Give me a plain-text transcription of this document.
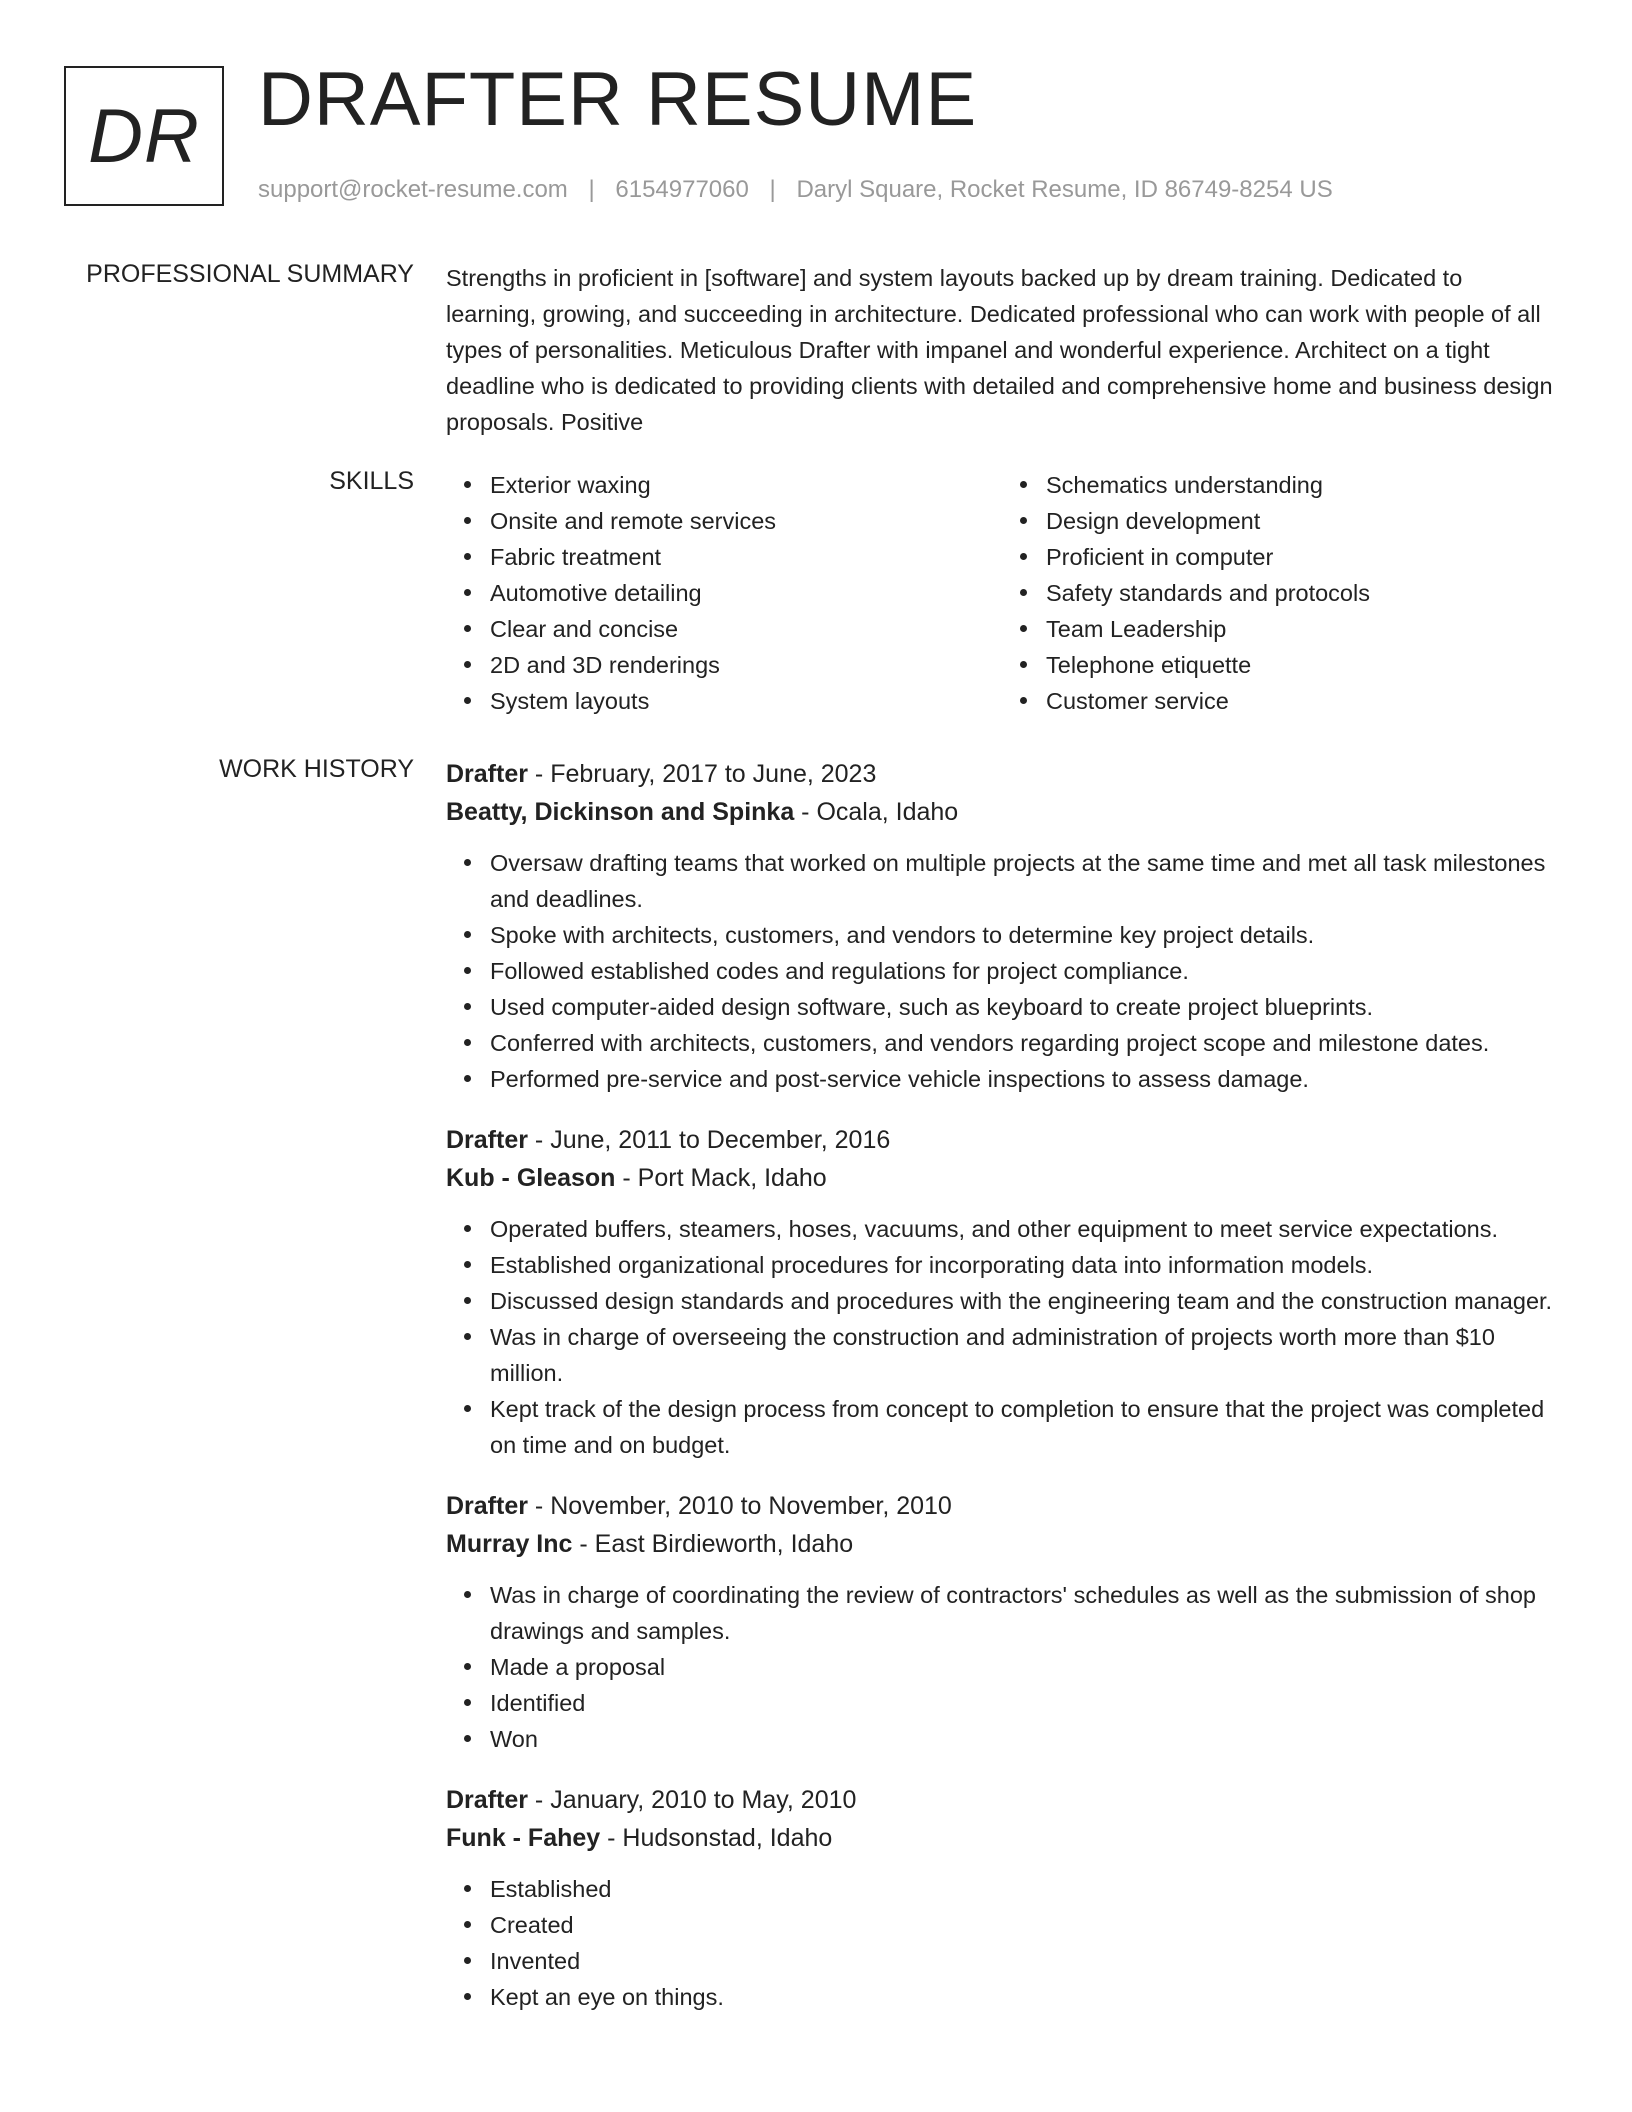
DR DRAFTER RESUME
support@rocket-resume.com | 6154977060 | Daryl Square, Rocket Resume, ID 86749-8254 US
PROFESSIONAL SUMMARY Strengths in proficient in [software] and system layouts backed up by dream training. Dedicated to learning, growing, and succeeding in architecture. Dedicated professional who can work with people of all types of personalities. Meticulous Drafter with impanel and wonderful experience. Architect on a tight deadline who is dedicated to providing clients with detailed and comprehensive home and business design proposals. Positive

SKILLS	Exterior waxing
Onsite and remote services
Fabric treatment
Automotive detailing
Clear and concise
2D and 3D renderings
System layouts
Schematics understanding
Design development
Proficient in computer
Safety standards and protocols
Team Leadership
Telephone etiquette
Customer service
WORK HISTORY Drafter - February, 2017 to June, 2023
Beatty, Dickinson and Spinka - Ocala, Idaho
Oversaw drafting teams that worked on multiple projects at the same time and met all task milestones and deadlines.
Spoke with architects, customers, and vendors to determine key project details.
Followed established codes and regulations for project compliance.
Used computer-aided design software, such as keyboard to create project blueprints.
Conferred with architects, customers, and vendors regarding project scope and milestone dates.
Performed pre-service and post-service vehicle inspections to assess damage.
Drafter - June, 2011 to December, 2016
Kub - Gleason - Port Mack, Idaho
Operated buffers, steamers, hoses, vacuums, and other equipment to meet service expectations.
Established organizational procedures for incorporating data into information models.
Discussed design standards and procedures with the engineering team and the construction manager.
Was in charge of overseeing the construction and administration of projects worth more than $10 million.
Kept track of the design process from concept to completion to ensure that the project was completed on time and on budget.
Drafter - November, 2010 to November, 2010
Murray Inc - East Birdieworth, Idaho
Was in charge of coordinating the review of contractors' schedules as well as the submission of shop drawings and samples.
Made a proposal
Identified
Won
Drafter - January, 2010 to May, 2010
Funk - Fahey - Hudsonstad, Idaho
Established
Created
Invented
Kept an eye on things.
